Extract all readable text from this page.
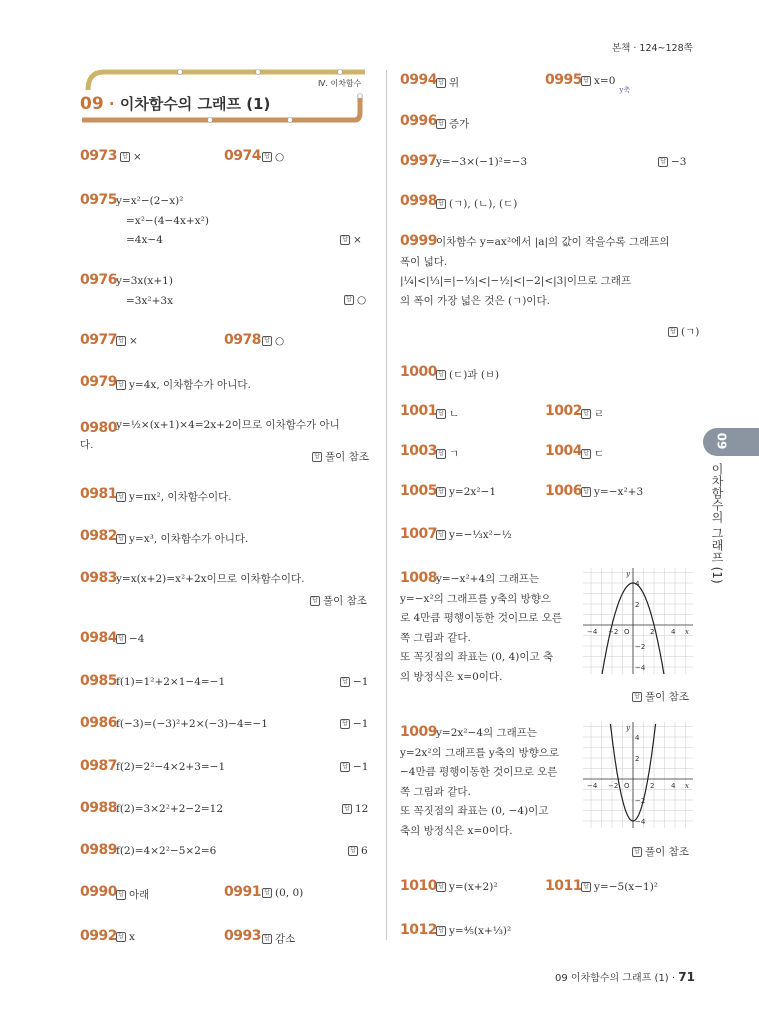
본책 · 124~128쪽
Ⅳ. 이차함수
09 · 이차함수의 그래프 (1)
0973 답 ×	0974 답 ○
0975 y=x²−(2−x)²
=x²−(4−4x+x²)
=4x−4	답 ×
0976 y=3x(x+1)
=3x²+3x	답 ○
0977 답 ×	0978 답 ○
0979 답 y=4x, 이차함수가 아니다.
0980 y=½×(x+1)×4=2x+2이므로 이차함수가 아니
다.
답 풀이 참조
0981 답 y=πx², 이차함수이다.
0982 답 y=x³, 이차함수가 아니다.
0983 y=x(x+2)=x²+2x이므로 이차함수이다.
답 풀이 참조
0984 답 −4
0985 f(1)=1²+2×1−4=−1	답 −1
0986 f(−3)=(−3)²+2×(−3)−4=−1	답 −1
0987 f(2)=2²−4×2+3=−1	답 −1
0988 f(2)=3×2²+2−2=12	답 12
0989 f(2)=4×2²−5×2=6	답 6
0990 답 아래	0991 답 (0, 0)
0992 답 x	0993 답 감소
0994 답 위	0995 답 $x=0_{y축}$
0996 답 증가
0997 y=−3×(−1)²=−3	답 −3
0998 답 (ㄱ), (ㄴ), (ㄷ)
0999 이차함수 y=ax²에서 |a|의 값이 작을수록 그래프의
폭이 넓다.
|¼|<|⅓|=|−⅓|<|−½|<|−2|<|3|이므로 그래프
의 폭이 가장 넓은 것은 (ㄱ)이다.
답 (ㄱ)
1000 답 (ㄷ)과 (ㅂ)
1001 답 ㄴ	1002 답 ㄹ
1003 답 ㄱ	1004 답 ㄷ
1005 답 y=2x²−1	1006 답 y=−x²+3
1007 답 y=−⅓x²−½
1008 y=−x²+4의 그래프는
y=−x²의 그래프를 y축의 방향으
로 4만큼 평행이동한 것이므로 오른
쪽 그림과 같다.
또 꼭짓점의 좌표는 (0, 4)이고 축
의 방정식은 x=0이다.
답 풀이 참조
1009 y=2x²−4의 그래프는
y=2x²의 그래프를 y축의 방향으로
−4만큼 평행이동한 것이므로 오른
쪽 그림과 같다.
또 꼭짓점의 좌표는 (0, −4)이고
축의 방정식은 x=0이다.
답 풀이 참조
1010 답 y=(x+2)²	1011 답 y=−5(x−1)²
1012 답 y=⅘(x+⅓)²
−4 −2 O	2 4
4
2
−2
−4
x
y
−4 −2 O	2 4
4
2
−2
−4
x
y
09
이차함수의 그래프 (1)
09 이차함수의 그래프 (1) · 71
